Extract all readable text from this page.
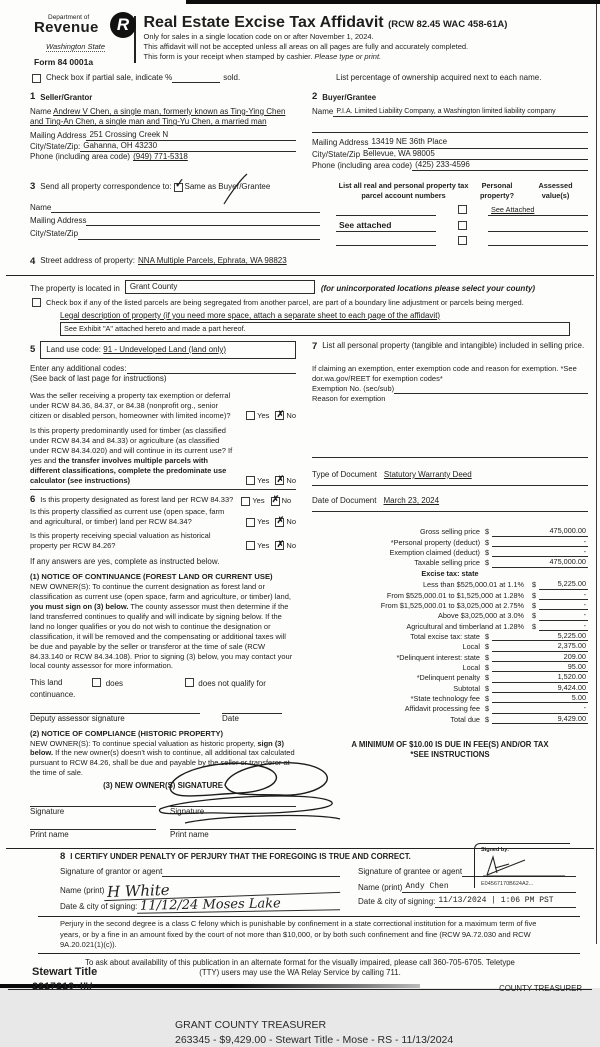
R
Department of
Revenue
Washington State
Form 84 0001a
Real Estate Excise Tax Affidavit (RCW 82.45 WAC 458-61A)
Only for sales in a single location code on or after November 1, 2024.
This affidavit will not be accepted unless all areas on all pages are fully and accurately completed.
This form is your receipt when stamped by cashier. Please type or print.
Check box if partial sale, indicate %	sold.	List percentage of ownership acquired next to each name.
1 Seller/Grantor
Name Andrew V Chen, a single man, formerly known as Ting-Ying Chen and Ting-An Chen, a single man and Ting-Yu Chen, a married man
Mailing Address 251 Crossing Creek N
City/State/Zip: Gahanna, OH 43230
Phone (including area code) (949) 771-5318
2 Buyer/Grantee
Name P.I.A. Limited Liability Company, a Washington limited liability company
Mailing Address 13419 NE 36th Place
City/State/Zip Bellevue, WA 98005
Phone (including area code) (425) 233-4596
3 Send all property correspondence to: ✓ Same as Buyer/Grantee
Name
Mailing Address
City/State/Zip
List all real and personal property tax
parcel account numbers
Personal
property?
Assessed
value(s)
See Attached
See attached
4 Street address of property: NNA Multiple Parcels, Ephrata, WA 98823
The property is located in	Grant County	(for unincorporated locations please select your county)
Check box if any of the listed parcels are being segregated from another parcel, are part of a boundary line adjustment or parcels being merged.
Legal description of property (if you need more space, attach a separate sheet to each page of the affidavit)
See Exhibit "A" attached hereto and made a part hereof.
5	Land use code: 91 - Undeveloped Land (land only)	7 List all personal property (tangible and intangible) included in selling price.
Enter any additional codes:
(See back of last page for instructions)
Was the seller receiving a property tax exemption or deferral under RCW 84.36, 84.37, or 84.38 (nonprofit org., senior citizen or disabled person, homeowner with limited income)?	Yes ✗ No
Is this property predominantly used for timber (as classified under RCW 84.34 and 84.33) or agriculture (as classified under RCW 84.34.020) and will continue in its current use? If yes and the transfer involves multiple parcels with different classifications, complete the predominate use calculator (see instructions)	Yes ✗ No
6 Is this property designated as forest land per RCW 84.33?	Yes ✗ No
Is this property classified as current use (open space, farm and agricultural, or timber) land per RCW 84.34?	Yes ✗ No
Is this property receiving special valuation as historical property per RCW 84.26?	Yes ✗ No
If any answers are yes, complete as instructed below.
(1) NOTICE OF CONTINUANCE (FOREST LAND OR CURRENT USE)
NEW OWNER(S): To continue the current designation as forest land or classification as current use (open space, farm and agriculture, or timber) land, you must sign on (3) below. The county assessor must then determine if the land transferred continues to qualify and will indicate by signing below. If the land no longer qualifies or you do not wish to continue the designation or classification, it will be removed and the compensating or additional taxes will be due and payable by the seller or transferor at the time of sale (RCW 84.33.140 or RCW 84.34.108). Prior to signing (3) below, you may contact your local county assessor for more information.
This land	does	does not qualify for
continuance.
Deputy assessor signature	Date
(2) NOTICE OF COMPLIANCE (HISTORIC PROPERTY)
NEW OWNER(S): To continue special valuation as historic property, sign (3) below. If the new owner(s) doesn't wish to continue, all additional tax calculated pursuant to RCW 84.26, shall be due and payable by the seller or transferor at the time of sale.
(3) NEW OWNER(S) SIGNATURE
Signature	Signature
Print name	Print name
If claiming an exemption, enter exemption code and reason for exemption. *See dor.wa.gov/REET for exemption codes*
Exemption No. (sec/sub)
Reason for exemption
Type of Document Statutory Warranty Deed
Date of Document March 23, 2024
Gross selling price $	475,000.00
*Personal property (deduct) $	-
Exemption claimed (deduct) $	-
Taxable selling price $	475,000.00
Excise tax: state
Less than $525,000.01 at 1.1% $	5,225.00
From $525,000.01 to $1,525,000 at 1.28% $	-
From $1,525,000.01 to $3,025,000 at 2.75% $	-
Above $3,025,000 at 3.0% $	-
Agricultural and timberland at 1.28% $	-
Total excise tax: state $	5,225.00
Local $	2,375.00
*Delinquent interest: state $	209.00
Local $	95.00
*Delinquent penalty $	1,520.00
Subtotal $	9,424.00
*State technology fee $	5.00
Affidavit processing fee $	-
Total due $	9,429.00
A MINIMUM OF $10.00 IS DUE IN FEE(S) AND/OR TAX
*SEE INSTRUCTIONS
8 I CERTIFY UNDER PENALTY OF PERJURY THAT THE FOREGOING IS TRUE AND CORRECT.
Signature of grantor or agent
Name (print) H White
Date & city of signing: 11/12/24 Moses Lake
Signature of grantee or agent
Name (print) Andy Chen
Date & city of signing: 11/13/2024 | 1:06 PM PST
Signed by:
E04567170B624A2...
Perjury in the second degree is a class C felony which is punishable by confinement in a state correctional institution for a maximum term of five years, or by a fine in an amount fixed by the court of not more than $10,000, or by both such confinement and fine (RCW 9A.72.030 and RCW 9A.20.021(1)(c)).
To ask about availability of this publication in an alternate format for the visually impaired, please call 360-705-6705. Teletype
(TTY) users may use the WA Relay Service by calling 711.
Stewart Title
2217216-HW	COUNTY TREASURER
GRANT COUNTY TREASURER
263345 - $9,429.00 - Stewart Title - Mose - RS - 11/13/2024
